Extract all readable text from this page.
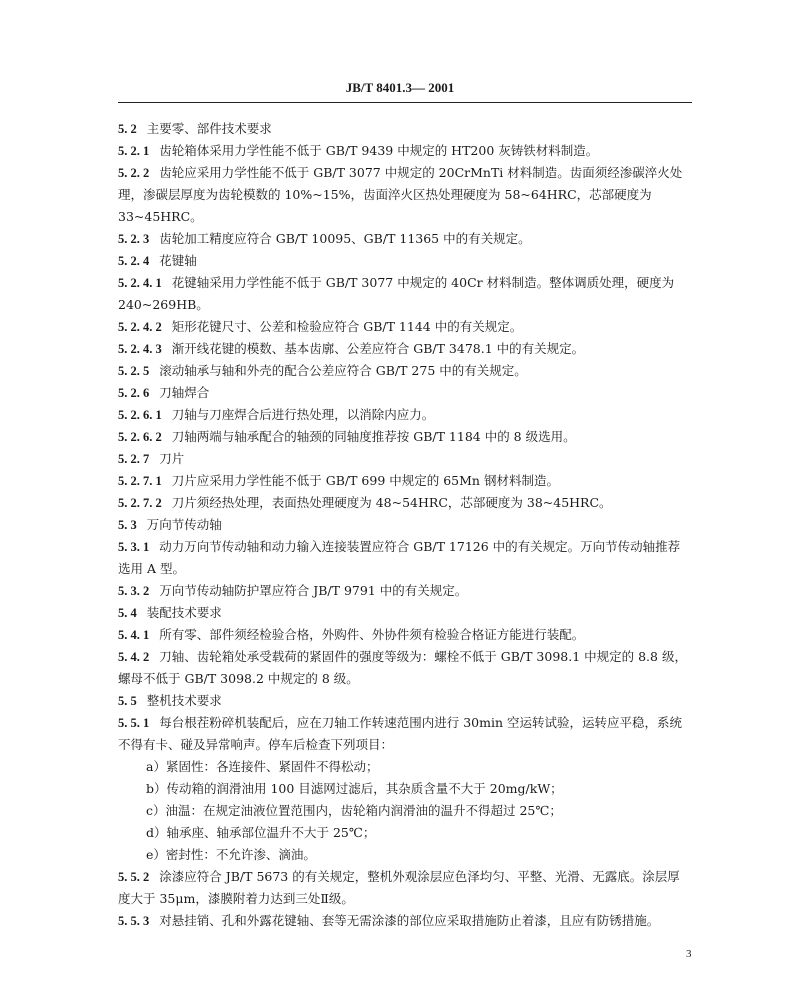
JB/T 8401.3— 2001

5. 2 主要零、部件技术要求

5. 2. 1 齿轮箱体采用力学性能不低于 GB/T 9439 中规定的 HT200 灰铸铁材料制造。

5. 2. 2 齿轮应采用力学性能不低于 GB/T 3077 中规定的 20CrMnTi 材料制造。齿面须经渗碳淬火处理，渗碳层厚度为齿轮模数的 10%~15%，齿面淬火区热处理硬度为 58~64HRC，芯部硬度为 33~45HRC。

5. 2. 3 齿轮加工精度应符合 GB/T 10095、GB/T 11365 中的有关规定。

5. 2. 4 花键轴

5. 2. 4. 1 花键轴采用力学性能不低于 GB/T 3077 中规定的 40Cr 材料制造。整体调质处理，硬度为 240~269HB。

5. 2. 4. 2 矩形花键尺寸、公差和检验应符合 GB/T 1144 中的有关规定。

5. 2. 4. 3 渐开线花键的模数、基本齿廓、公差应符合 GB/T 3478.1 中的有关规定。

5. 2. 5 滚动轴承与轴和外壳的配合公差应符合 GB/T 275 中的有关规定。

5. 2. 6 刀轴焊合

5. 2. 6. 1 刀轴与刀座焊合后进行热处理，以消除内应力。

5. 2. 6. 2 刀轴两端与轴承配合的轴颈的同轴度推荐按 GB/T 1184 中的 8 级选用。

5. 2. 7 刀片

5. 2. 7. 1 刀片应采用力学性能不低于 GB/T 699 中规定的 65Mn 钢材料制造。

5. 2. 7. 2 刀片须经热处理，表面热处理硬度为 48~54HRC，芯部硬度为 38~45HRC。

5. 3 万向节传动轴

5. 3. 1 动力万向节传动轴和动力输入连接装置应符合 GB/T 17126 中的有关规定。万向节传动轴推荐选用 A 型。

5. 3. 2 万向节传动轴防护罩应符合 JB/T 9791 中的有关规定。

5. 4 装配技术要求

5. 4. 1 所有零、部件须经检验合格，外购件、外协件须有检验合格证方能进行装配。

5. 4. 2 刀轴、齿轮箱处承受载荷的紧固件的强度等级为：螺栓不低于 GB/T 3098.1 中规定的 8.8 级，螺母不低于 GB/T 3098.2 中规定的 8 级。

5. 5 整机技术要求

5. 5. 1 每台根茬粉碎机装配后，应在刀轴工作转速范围内进行 30min 空运转试验，运转应平稳，系统不得有卡、碰及异常响声。停车后检查下列项目：

a）紧固性：各连接件、紧固件不得松动；

b）传动箱的润滑油用 100 目滤网过滤后，其杂质含量不大于 20mg/kW；

c）油温：在规定油液位置范围内，齿轮箱内润滑油的温升不得超过 25℃；

d）轴承座、轴承部位温升不大于 25℃；

e）密封性：不允许渗、滴油。

5. 5. 2 涂漆应符合 JB/T 5673 的有关规定，整机外观涂层应色泽均匀、平整、光滑、无露底。涂层厚度大于 35μm，漆膜附着力达到三处Ⅱ级。

5. 5. 3 对悬挂销、孔和外露花键轴、套等无需涂漆的部位应采取措施防止着漆，且应有防锈措施。

3
